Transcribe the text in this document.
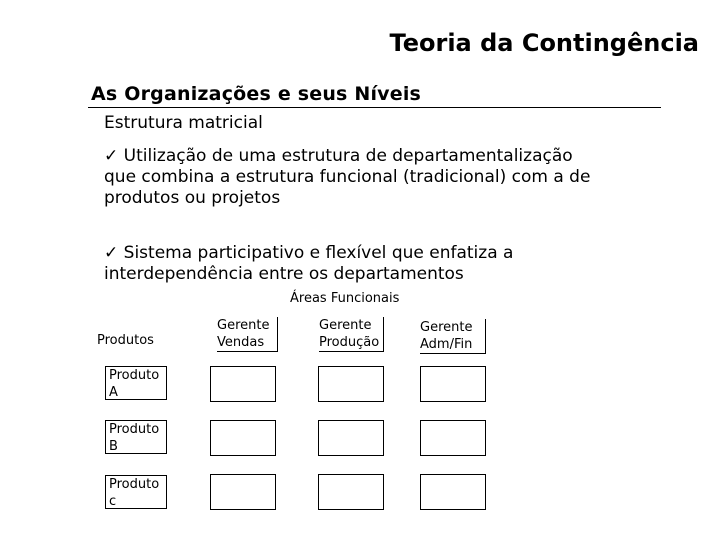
Teoria da Contingência
As Organizações e seus Níveis
Estrutura matricial
✓ Utilização de uma estrutura de departamentalização que combina a estrutura funcional (tradicional) com a de produtos ou projetos
✓ Sistema participativo e flexível que enfatiza a interdependência entre os departamentos
Áreas Funcionais
Produtos
Gerente Vendas
Gerente Produção
Gerente Adm/Fin
Produto A
Produto B
Produto c
